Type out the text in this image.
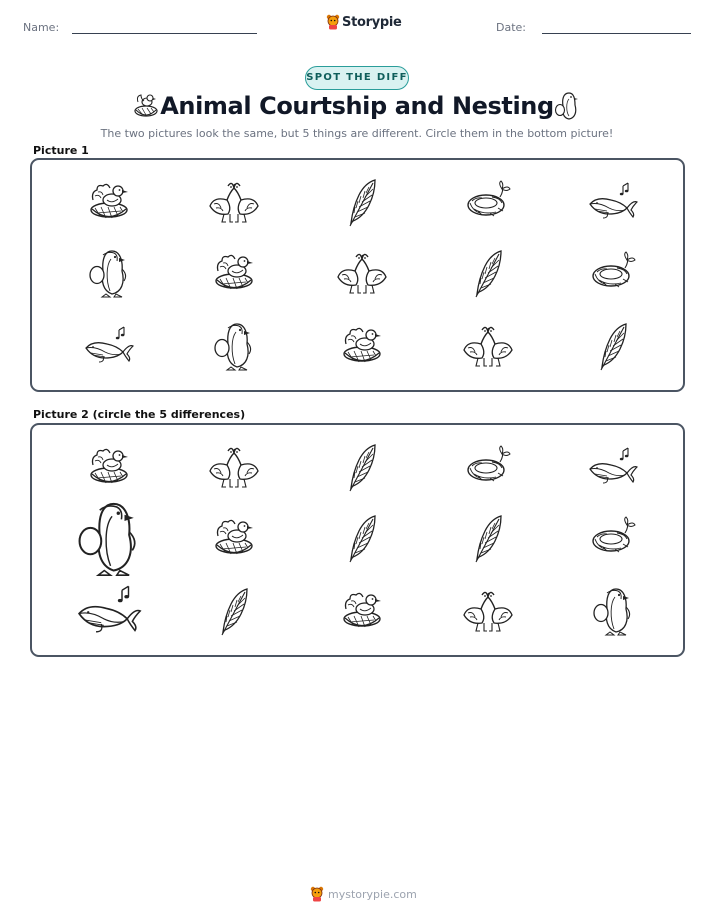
Name:	Storypie	Date:
SPOT THE DIFF
Animal Courtship and Nesting
The two pictures look the same, but 5 things are different. Circle them in the bottom picture!
Picture 1
Picture 2 (circle the 5 differences)
mystorypie.com
